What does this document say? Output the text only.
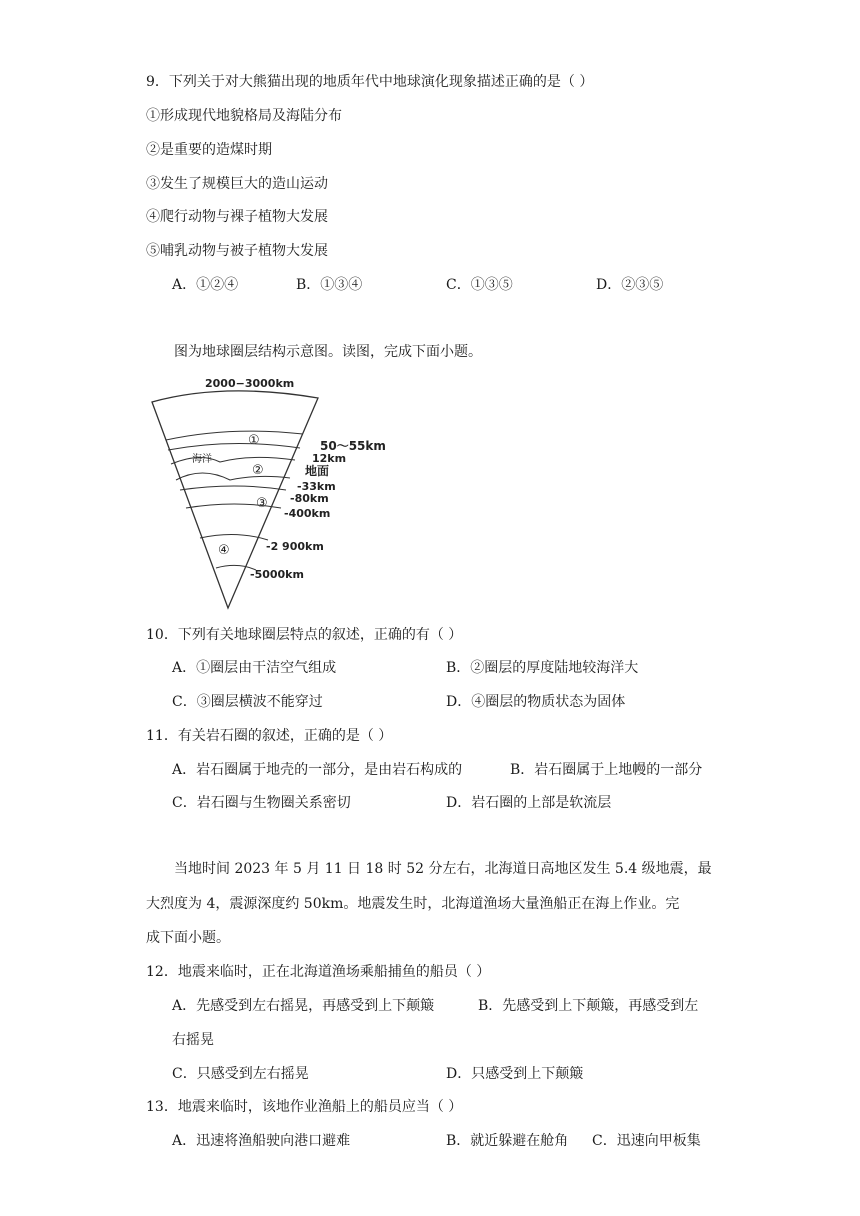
9．下列关于对大熊猫出现的地质年代中地球演化现象描述正确的是（ ）
①形成现代地貌格局及海陆分布
②是重要的造煤时期
③发生了规模巨大的造山运动
④爬行动物与裸子植物大发展
⑤哺乳动物与被子植物大发展
A．①②④	B．①③④	C．①③⑤	D．②③⑤
图为地球圈层结构示意图。读图，完成下面小题。
2000−3000km
①
②
③
④
海洋
50～55km
12km
地面
-33km
-80km
-400km
-2 900km
-5000km
10．下列有关地球圈层特点的叙述，正确的有（ ）
A．①圈层由干洁空气组成	B．②圈层的厚度陆地较海洋大
C．③圈层横波不能穿过	D．④圈层的物质状态为固体
11．有关岩石圈的叙述，正确的是（ ）
A．岩石圈属于地壳的一部分，是由岩石构成的	B．岩石圈属于上地幔的一部分
C．岩石圈与生物圈关系密切	D．岩石圈的上部是软流层
当地时间 2023 年 5 月 11 日 18 时 52 分左右，北海道日高地区发生 5.4 级地震，最
大烈度为 4，震源深度约 50km。地震发生时，北海道渔场大量渔船正在海上作业。完
成下面小题。
12．地震来临时，正在北海道渔场乘船捕鱼的船员（ ）
A．先感受到左右摇晃，再感受到上下颠簸	B．先感受到上下颠簸，再感受到左
右摇晃
C．只感受到左右摇晃	D．只感受到上下颠簸
13．地震来临时，该地作业渔船上的船员应当（ ）
A．迅速将渔船驶向港口避难	B．就近躲避在舱角 C．迅速向甲板集
